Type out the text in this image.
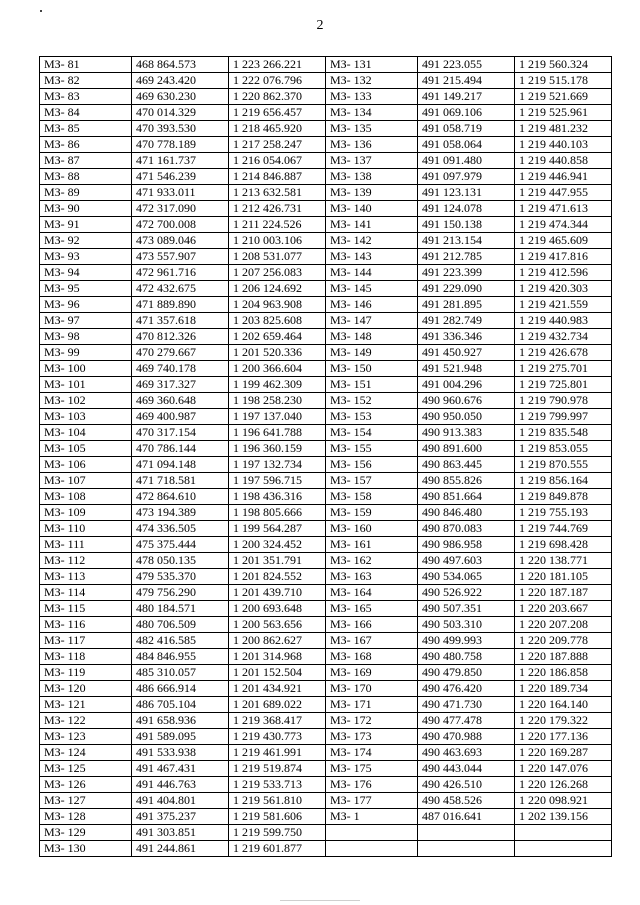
2
МЗ- 81	468 864.573	1 223 266.221	МЗ- 131	491 223.055	1 219 560.324
МЗ- 82	469 243.420	1 222 076.796	МЗ- 132	491 215.494	1 219 515.178
МЗ- 83	469 630.230	1 220 862.370	МЗ- 133	491 149.217	1 219 521.669
МЗ- 84	470 014.329	1 219 656.457	МЗ- 134	491 069.106	1 219 525.961
МЗ- 85	470 393.530	1 218 465.920	МЗ- 135	491 058.719	1 219 481.232
МЗ- 86	470 778.189	1 217 258.247	МЗ- 136	491 058.064	1 219 440.103
МЗ- 87	471 161.737	1 216 054.067	МЗ- 137	491 091.480	1 219 440.858
МЗ- 88	471 546.239	1 214 846.887	МЗ- 138	491 097.979	1 219 446.941
МЗ- 89	471 933.011	1 213 632.581	МЗ- 139	491 123.131	1 219 447.955
МЗ- 90	472 317.090	1 212 426.731	МЗ- 140	491 124.078	1 219 471.613
МЗ- 91	472 700.008	1 211 224.526	МЗ- 141	491 150.138	1 219 474.344
МЗ- 92	473 089.046	1 210 003.106	МЗ- 142	491 213.154	1 219 465.609
МЗ- 93	473 557.907	1 208 531.077	МЗ- 143	491 212.785	1 219 417.816
МЗ- 94	472 961.716	1 207 256.083	МЗ- 144	491 223.399	1 219 412.596
МЗ- 95	472 432.675	1 206 124.692	МЗ- 145	491 229.090	1 219 420.303
МЗ- 96	471 889.890	1 204 963.908	МЗ- 146	491 281.895	1 219 421.559
МЗ- 97	471 357.618	1 203 825.608	МЗ- 147	491 282.749	1 219 440.983
МЗ- 98	470 812.326	1 202 659.464	МЗ- 148	491 336.346	1 219 432.734
МЗ- 99	470 279.667	1 201 520.336	МЗ- 149	491 450.927	1 219 426.678
МЗ- 100	469 740.178	1 200 366.604	МЗ- 150	491 521.948	1 219 275.701
МЗ- 101	469 317.327	1 199 462.309	МЗ- 151	491 004.296	1 219 725.801
МЗ- 102	469 360.648	1 198 258.230	МЗ- 152	490 960.676	1 219 790.978
МЗ- 103	469 400.987	1 197 137.040	МЗ- 153	490 950.050	1 219 799.997
МЗ- 104	470 317.154	1 196 641.788	МЗ- 154	490 913.383	1 219 835.548
МЗ- 105	470 786.144	1 196 360.159	МЗ- 155	490 891.600	1 219 853.055
МЗ- 106	471 094.148	1 197 132.734	МЗ- 156	490 863.445	1 219 870.555
МЗ- 107	471 718.581	1 197 596.715	МЗ- 157	490 855.826	1 219 856.164
МЗ- 108	472 864.610	1 198 436.316	МЗ- 158	490 851.664	1 219 849.878
МЗ- 109	473 194.389	1 198 805.666	МЗ- 159	490 846.480	1 219 755.193
МЗ- 110	474 336.505	1 199 564.287	МЗ- 160	490 870.083	1 219 744.769
МЗ- 111	475 375.444	1 200 324.452	МЗ- 161	490 986.958	1 219 698.428
МЗ- 112	478 050.135	1 201 351.791	МЗ- 162	490 497.603	1 220 138.771
МЗ- 113	479 535.370	1 201 824.552	МЗ- 163	490 534.065	1 220 181.105
МЗ- 114	479 756.290	1 201 439.710	МЗ- 164	490 526.922	1 220 187.187
МЗ- 115	480 184.571	1 200 693.648	МЗ- 165	490 507.351	1 220 203.667
МЗ- 116	480 706.509	1 200 563.656	МЗ- 166	490 503.310	1 220 207.208
МЗ- 117	482 416.585	1 200 862.627	МЗ- 167	490 499.993	1 220 209.778
МЗ- 118	484 846.955	1 201 314.968	МЗ- 168	490 480.758	1 220 187.888
МЗ- 119	485 310.057	1 201 152.504	МЗ- 169	490 479.850	1 220 186.858
МЗ- 120	486 666.914	1 201 434.921	МЗ- 170	490 476.420	1 220 189.734
МЗ- 121	486 705.104	1 201 689.022	МЗ- 171	490 471.730	1 220 164.140
МЗ- 122	491 658.936	1 219 368.417	МЗ- 172	490 477.478	1 220 179.322
МЗ- 123	491 589.095	1 219 430.773	МЗ- 173	490 470.988	1 220 177.136
МЗ- 124	491 533.938	1 219 461.991	МЗ- 174	490 463.693	1 220 169.287
МЗ- 125	491 467.431	1 219 519.874	МЗ- 175	490 443.044	1 220 147.076
МЗ- 126	491 446.763	1 219 533.713	МЗ- 176	490 426.510	1 220 126.268
МЗ- 127	491 404.801	1 219 561.810	МЗ- 177	490 458.526	1 220 098.921
МЗ- 128	491 375.237	1 219 581.606	МЗ- 1	487 016.641	1 202 139.156
МЗ- 129	491 303.851	1 219 599.750			
МЗ- 130	491 244.861	1 219 601.877			
